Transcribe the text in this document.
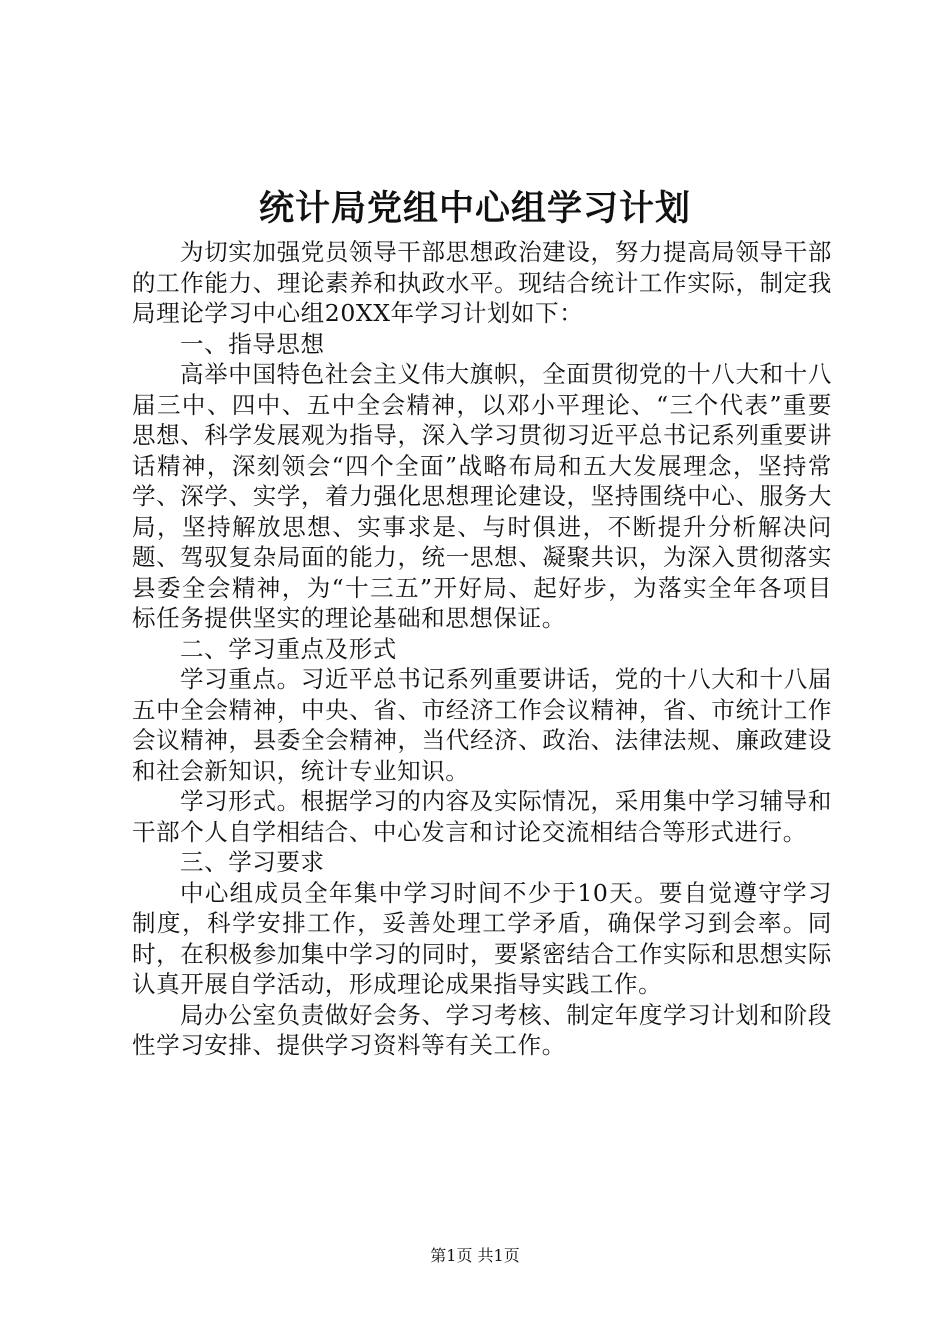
统计局党组中心组学习计划

为切实加强党员领导干部思想政治建设，努力提高局领导干部的工作能力、理论素养和执政水平。现结合统计工作实际，制定我局理论学习中心组20XX年学习计划如下：

一、指导思想

高举中国特色社会主义伟大旗帜，全面贯彻党的十八大和十八届三中、四中、五中全会精神，以邓小平理论、“三个代表”重要思想、科学发展观为指导，深入学习贯彻习近平总书记系列重要讲话精神，深刻领会“四个全面”战略布局和五大发展理念，坚持常学、深学、实学，着力强化思想理论建设，坚持围绕中心、服务大局，坚持解放思想、实事求是、与时俱进，不断提升分析解决问题、驾驭复杂局面的能力，统一思想、凝聚共识，为深入贯彻落实县委全会精神，为“十三五”开好局、起好步，为落实全年各项目标任务提供坚实的理论基础和思想保证。

二、学习重点及形式

学习重点。习近平总书记系列重要讲话，党的十八大和十八届五中全会精神，中央、省、市经济工作会议精神，省、市统计工作会议精神，县委全会精神，当代经济、政治、法律法规、廉政建设和社会新知识，统计专业知识。

学习形式。根据学习的内容及实际情况，采用集中学习辅导和干部个人自学相结合、中心发言和讨论交流相结合等形式进行。

三、学习要求

中心组成员全年集中学习时间不少于10天。要自觉遵守学习制度，科学安排工作，妥善处理工学矛盾，确保学习到会率。同时，在积极参加集中学习的同时，要紧密结合工作实际和思想实际认真开展自学活动，形成理论成果指导实践工作。

局办公室负责做好会务、学习考核、制定年度学习计划和阶段性学习安排、提供学习资料等有关工作。

第1页 共1页
